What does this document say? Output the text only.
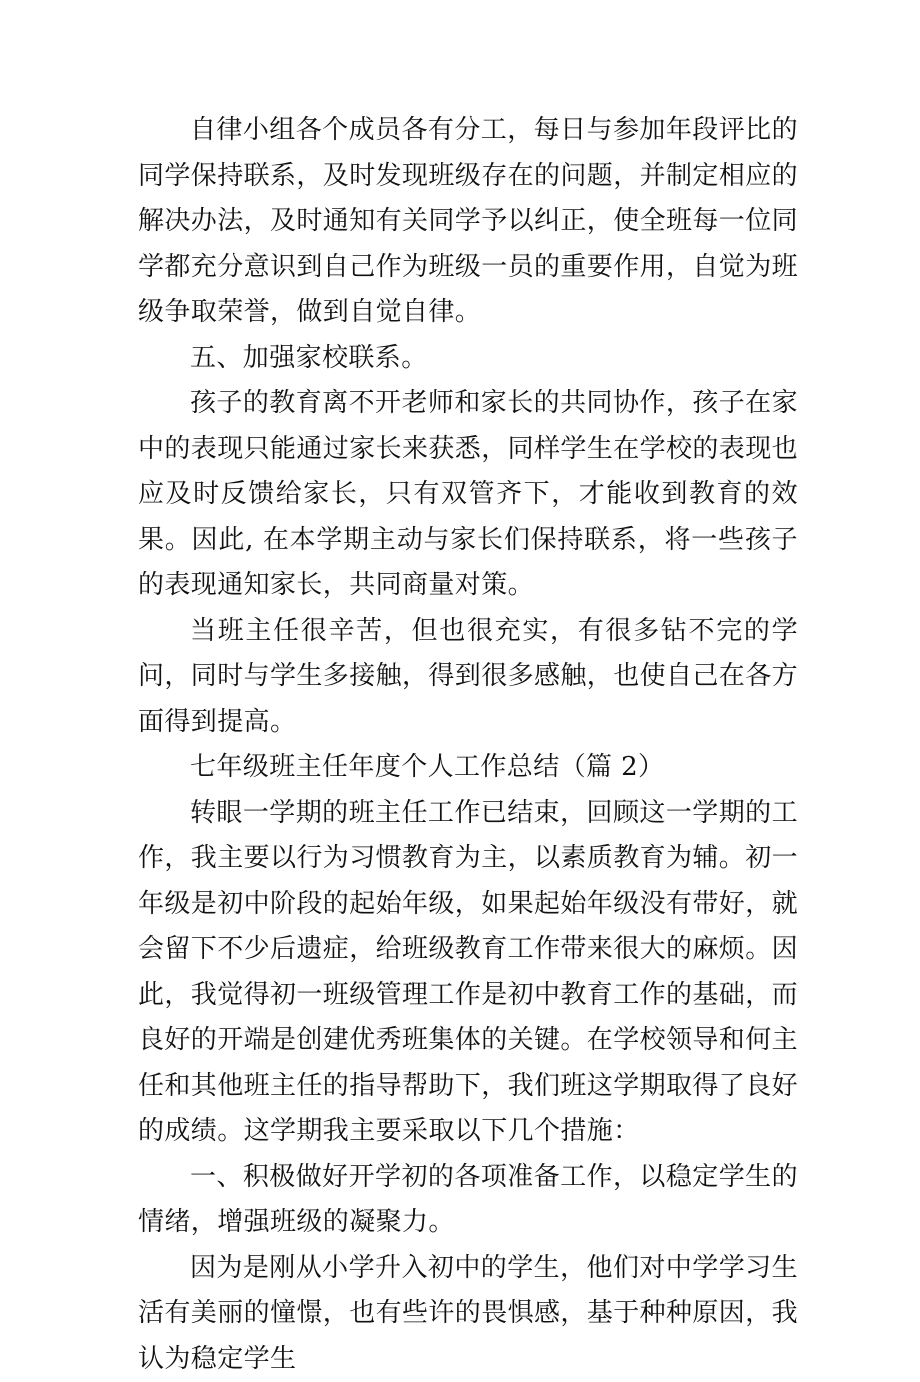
自律小组各个成员各有分工，每日与参加年段评比的同学保持联系，及时发现班级存在的问题，并制定相应的解决办法，及时通知有关同学予以纠正，使全班每一位同学都充分意识到自己作为班级一员的重要作用，自觉为班级争取荣誉，做到自觉自律。

五、加强家校联系。

孩子的教育离不开老师和家长的共同协作，孩子在家中的表现只能通过家长来获悉，同样学生在学校的表现也应及时反馈给家长，只有双管齐下，才能收到教育的效果。因此, 在本学期主动与家长们保持联系，将一些孩子的表现通知家长，共同商量对策。

当班主任很辛苦，但也很充实，有很多钻不完的学问，同时与学生多接触，得到很多感触，也使自己在各方面得到提高。

七年级班主任年度个人工作总结（篇 2）

转眼一学期的班主任工作已结束，回顾这一学期的工作，我主要以行为习惯教育为主，以素质教育为辅。初一年级是初中阶段的起始年级，如果起始年级没有带好，就会留下不少后遗症，给班级教育工作带来很大的麻烦。因此，我觉得初一班级管理工作是初中教育工作的基础，而良好的开端是创建优秀班集体的关键。在学校领导和何主任和其他班主任的指导帮助下，我们班这学期取得了良好的成绩。这学期我主要采取以下几个措施：

一、积极做好开学初的各项准备工作，以稳定学生的情绪，增强班级的凝聚力。

因为是刚从小学升入初中的学生，他们对中学学习生活有美丽的憧憬，也有些许的畏惧感，基于种种原因，我认为稳定学生
